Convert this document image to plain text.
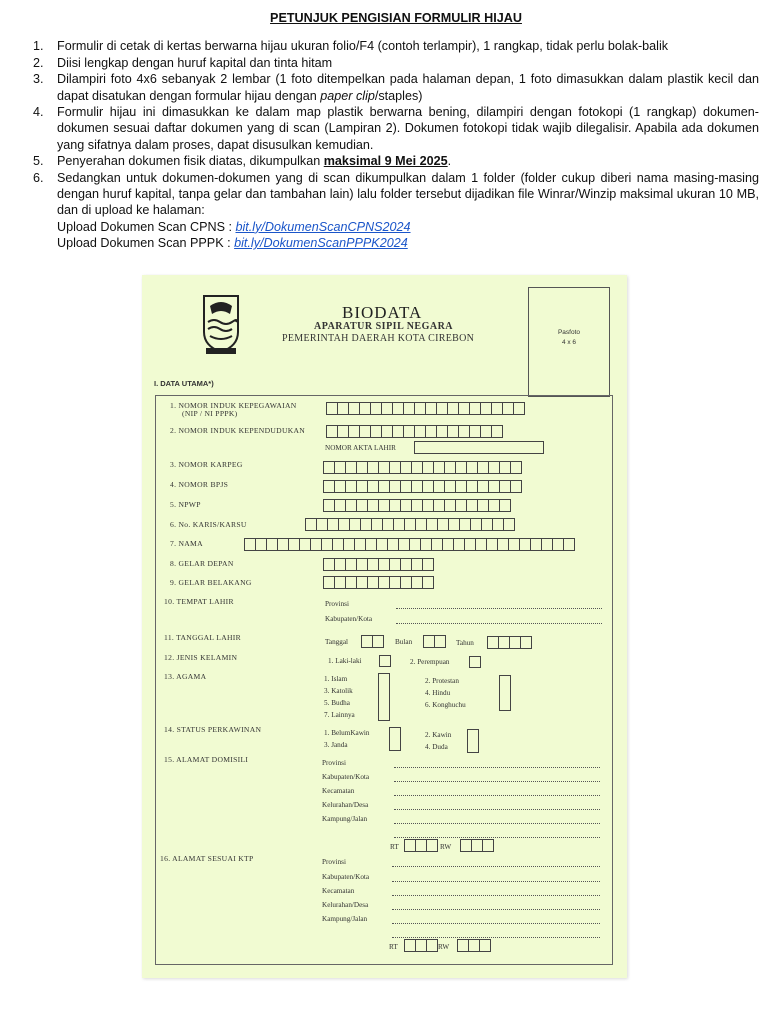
PETUNJUK PENGISIAN FORMULIR HIJAU
1.	Formulir di cetak di kertas berwarna hijau ukuran folio/F4 (contoh terlampir), 1 rangkap, tidak perlu bolak-balik
2.	Diisi lengkap dengan huruf kapital dan tinta hitam
3.	Dilampiri foto 4x6 sebanyak 2 lembar (1 foto ditempelkan pada halaman depan, 1 foto dimasukkan dalam plastik kecil dan dapat disatukan dengan formular hijau dengan paper clip/staples)
4.	Formulir hijau ini dimasukkan ke dalam map plastik berwarna bening, dilampiri dengan fotokopi (1 rangkap) dokumen-dokumen sesuai daftar dokumen yang di scan (Lampiran 2). Dokumen fotokopi tidak wajib dilegalisir. Apabila ada dokumen yang sifatnya dalam proses, dapat disusulkan kemudian.
5.	Penyerahan dokumen fisik diatas, dikumpulkan maksimal 9 Mei 2025.
6.	Sedangkan untuk dokumen-dokumen yang di scan dikumpulkan dalam 1 folder (folder cukup diberi nama masing-masing dengan huruf kapital, tanpa gelar dan tambahan lain) lalu folder tersebut dijadikan file Winrar/Winzip maksimal ukuran 10 MB, dan di upload ke halaman:
Upload Dokumen Scan CPNS : bit.ly/DokumenScanCPNS2024
Upload Dokumen Scan PPPK : bit.ly/DokumenScanPPPK2024
BIODATA
APARATUR SIPIL NEGARA
PEMERINTAH DAERAH KOTA CIREBON
Pasfoto
4 x 6
I. DATA UTAMA*)
1. NOMOR INDUK KEPEGAWAIAN
(NIP / NI PPPK)
2. NOMOR INDUK KEPENDUDUKAN
NOMOR AKTA LAHIR
3. NOMOR KARPEG
4. NOMOR BPJS
5. NPWP
6. No. KARIS/KARSU
7. NAMA
8. GELAR DEPAN
9. GELAR BELAKANG
10. TEMPAT LAHIR	Provinsi
Kabupaten/Kota
11. TANGGAL LAHIR	Tanggal	Bulan	Tahun
12. JENIS KELAMIN	1. Laki-laki	2. Perempuan
13. AGAMA	1. Islam
3. Katolik
5. Budha
7. Lainnya
2. Protestan
4. Hindu
6. Konghuchu
14. STATUS PERKAWINAN	1. BelumKawin
3. Janda
2. Kawin
4. Duda
15. ALAMAT DOMISILI	Provinsi
Kabupaten/Kota
Kecamatan
Kelurahan/Desa
Kampung/Jalan
RT	RW
16. ALAMAT SESUAI KTP	Provinsi
Kabupaten/Kota
Kecamatan
Kelurahan/Desa
Kampung/Jalan
RT	RW
